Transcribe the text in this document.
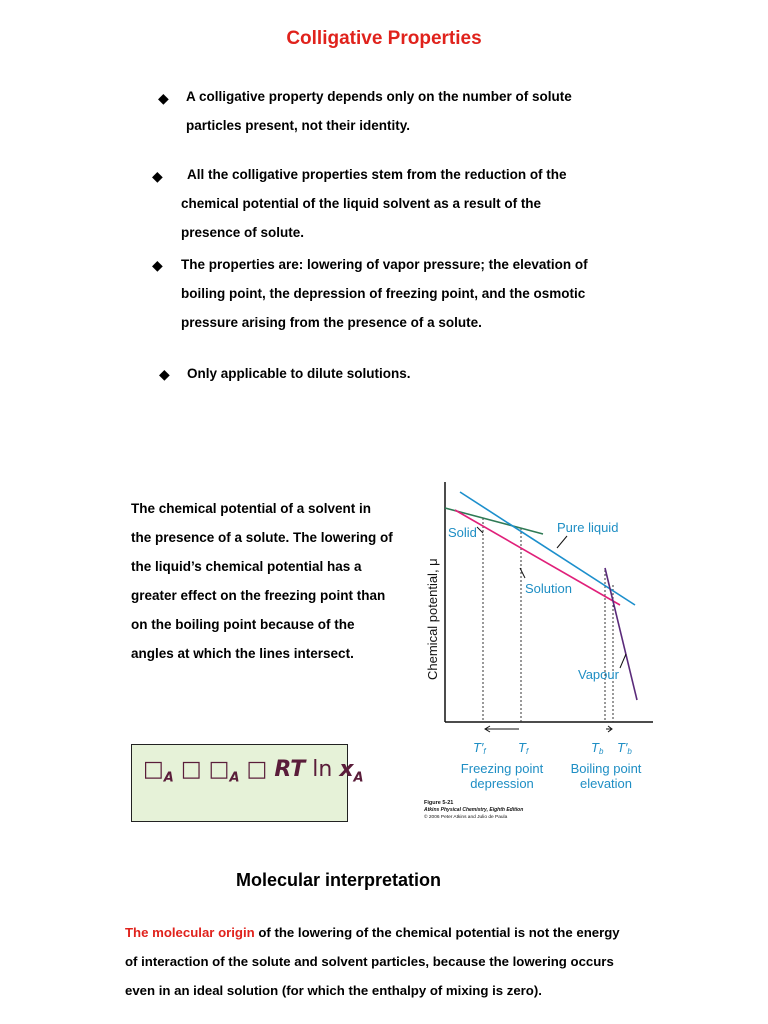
Colligative Properties
◆ A colligative property depends only on the number of solute
particles present, not their identity.
◆	All the colligative properties stem from the reduction of the
chemical potential of the liquid solvent as a result of the
presence of solute.
◆ The properties are: lowering of vapor pressure; the elevation of
boiling point, the depression of freezing point, and the osmotic
pressure arising from the presence of a solute.
◆ Only applicable to dilute solutions.
The chemical potential of a solvent in
the presence of a solute. The lowering of
the liquid’s chemical potential has a
greater effect on the freezing point than
on the boiling point because of the
angles at which the lines intersect.
$□_A$ □ $□_A$ □ RT $\ln x_A$
Chemical potential, μ
Solid	Pure liquid
Solution
Vapour
T′f Tf	Tb T′b
Freezing point
depression
Boiling point
elevation
Figure 5-21
Atkins Physical Chemistry, Eighth Edition
© 2006 Peter Atkins and Julio de Paula
Molecular interpretation
The molecular origin of the lowering of the chemical potential is not the energy
of interaction of the solute and solvent particles, because the lowering occurs
even in an ideal solution (for which the enthalpy of mixing is zero).
